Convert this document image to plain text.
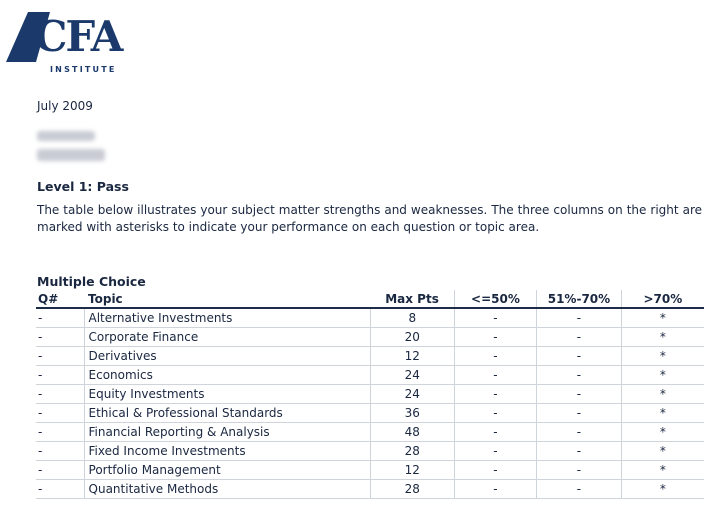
CFA
INSTITUTE
July 2009
Level 1: Pass
The table below illustrates your subject matter strengths and weaknesses. The three columns on the right are marked with asterisks to indicate your performance on each question or topic area.
Multiple Choice
Q#	Topic	Max Pts	<=50%	51%-70%	>70%
-	Alternative Investments	8	-	-	*
-	Corporate Finance	20	-	-	*
-	Derivatives	12	-	-	*
-	Economics	24	-	-	*
-	Equity Investments	24	-	-	*
-	Ethical & Professional Standards	36	-	-	*
-	Financial Reporting & Analysis	48	-	-	*
-	Fixed Income Investments	28	-	-	*
-	Portfolio Management	12	-	-	*
-	Quantitative Methods	28	-	-	*
